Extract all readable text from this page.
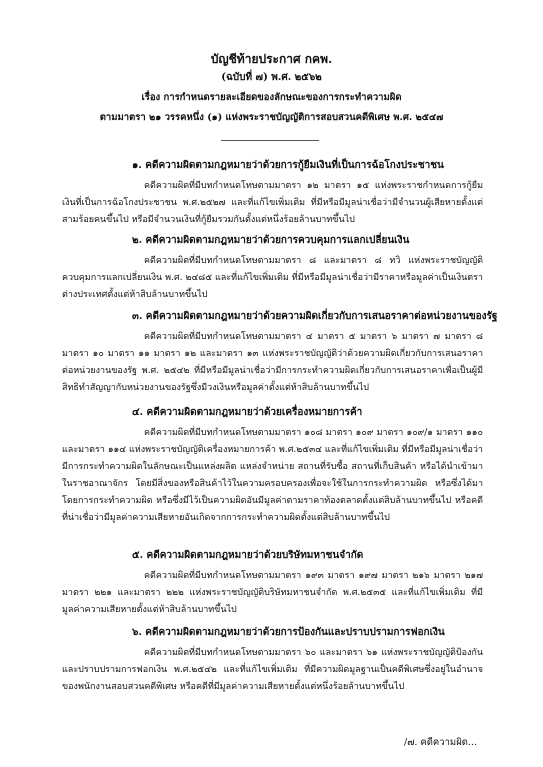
บัญชีท้ายประกาศ กคพ.
(ฉบับที่ ๗) พ.ศ. ๒๕๖๒
เรื่อง การกำหนดรายละเอียดของลักษณะของการกระทำความผิด
ตามมาตรา ๒๑ วรรคหนึ่ง (๑) แห่งพระราชบัญญัติการสอบสวนคดีพิเศษ พ.ศ. ๒๕๔๗

๑. คดีความผิดตามกฎหมายว่าด้วยการกู้ยืมเงินที่เป็นการฉ้อโกงประชาชน

คดีความผิดที่มีบทกำหนดโทษตามมาตรา ๑๒ มาตรา ๑๕ แห่งพระราชกำหนดการกู้ยืมเงินที่เป็นการฉ้อโกงประชาชน พ.ศ.๒๕๒๗ และที่แก้ไขเพิ่มเติม ที่มีหรือมีมูลน่าเชื่อว่ามีจำนวนผู้เสียหายตั้งแต่สามร้อยคนขึ้นไป หรือมีจำนวนเงินที่กู้ยืมรวมกันตั้งแต่หนึ่งร้อยล้านบาทขึ้นไป

๒. คดีความผิดตามกฎหมายว่าด้วยการควบคุมการแลกเปลี่ยนเงิน

คดีความผิดที่มีบทกำหนดโทษตามมาตรา ๘ และมาตรา ๘ ทวิ แห่งพระราชบัญญัติควบคุมการแลกเปลี่ยนเงิน พ.ศ. ๒๔๘๕ และที่แก้ไขเพิ่มเติม ที่มีหรือมีมูลน่าเชื่อว่ามีราคาหรือมูลค่าเป็นเงินตราต่างประเทศตั้งแต่ห้าสิบล้านบาทขึ้นไป

๓. คดีความผิดตามกฎหมายว่าด้วยความผิดเกี่ยวกับการเสนอราคาต่อหน่วยงานของรัฐ

คดีความผิดที่มีบทกำหนดโทษตามมาตรา ๔ มาตรา ๕ มาตรา ๖ มาตรา ๗ มาตรา ๘ มาตรา ๑๐ มาตรา ๑๑ มาตรา ๑๒ และมาตรา ๑๓ แห่งพระราชบัญญัติว่าด้วยความผิดเกี่ยวกับการเสนอราคาต่อหน่วยงานของรัฐ พ.ศ. ๒๕๔๒ ที่มีหรือมีมูลน่าเชื่อว่ามีการกระทำความผิดเกี่ยวกับการเสนอราคาเพื่อเป็นผู้มีสิทธิทำสัญญากับหน่วยงานของรัฐซึ่งมีวงเงินหรือมูลค่าตั้งแต่ห้าสิบล้านบาทขึ้นไป

๔. คดีความผิดตามกฎหมายว่าด้วยเครื่องหมายการค้า

คดีความผิดที่มีบทกำหนดโทษตามมาตรา ๑๐๘ มาตรา ๑๐๙ มาตรา ๑๐๙/๑ มาตรา ๑๑๐ และมาตรา ๑๑๔ แห่งพระราชบัญญัติเครื่องหมายการค้า พ.ศ.๒๕๓๔ และที่แก้ไขเพิ่มเติม ที่มีหรือมีมูลน่าเชื่อว่ามีการกระทำความผิดในลักษณะเป็นแหล่งผลิต แหล่งจำหน่าย สถานที่รับซื้อ สถานที่เก็บสินค้า หรือได้นำเข้ามาในราชอาณาจักร โดยมีสิ่งของหรือสินค้าไว้ในความครอบครองเพื่อจะใช้ในการกระทำความผิด หรือซึ่งได้มาโดยการกระทำความผิด หรือซึ่งมีไว้เป็นความผิดอันมีมูลค่าตามราคาท้องตลาดตั้งแต่สิบล้านบาทขึ้นไป หรือคดีที่น่าเชื่อว่ามีมูลค่าความเสียหายอันเกิดจากการกระทำความผิดตั้งแต่สิบล้านบาทขึ้นไป

๕. คดีความผิดตามกฎหมายว่าด้วยบริษัทมหาชนจำกัด

คดีความผิดที่มีบทกำหนดโทษตามมาตรา ๑๙๓ มาตรา ๑๙๗ มาตรา ๒๑๖ มาตรา ๒๑๗ มาตรา ๒๒๑ และมาตรา ๒๒๒ แห่งพระราชบัญญัติบริษัทมหาชนจำกัด พ.ศ.๒๕๓๕ และที่แก้ไขเพิ่มเติม ที่มีมูลค่าความเสียหายตั้งแต่ห้าสิบล้านบาทขึ้นไป

๖. คดีความผิดตามกฎหมายว่าด้วยการป้องกันและปราบปรามการฟอกเงิน

คดีความผิดที่มีบทกำหนดโทษตามมาตรา ๖๐ และมาตรา ๖๑ แห่งพระราชบัญญัติป้องกันและปราบปรามการฟอกเงิน พ.ศ.๒๕๔๒ และที่แก้ไขเพิ่มเติม ที่มีความผิดมูลฐานเป็นคดีพิเศษซึ่งอยู่ในอำนาจของพนักงานสอบสวนคดีพิเศษ หรือคดีที่มีมูลค่าความเสียหายตั้งแต่หนึ่งร้อยล้านบาทขึ้นไป

/๗. คดีความผิด...
